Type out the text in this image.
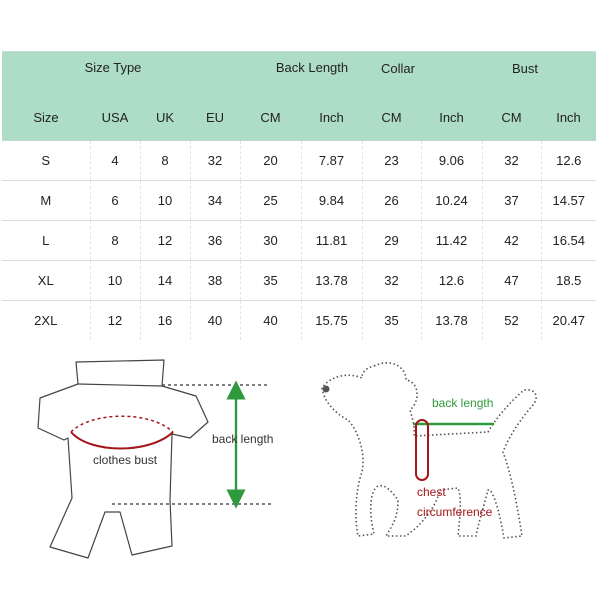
Size Type			Back Length			Collar		Bust	
Size	USA	UK	EU	CM	Inch	CM	Inch	CM	Inch
S	4	8	32	20	7.87	23	9.06	32	12.6
M	6	10	34	25	9.84	26	10.24	37	14.57
L	8	12	36	30	11.81	29	11.42	42	16.54
XL	10	14	38	35	13.78	32	12.6	47	18.5
2XL	12	16	40	40	15.75	35	13.78	52	20.47
clothes bust
back length
back length
chest
circumference
